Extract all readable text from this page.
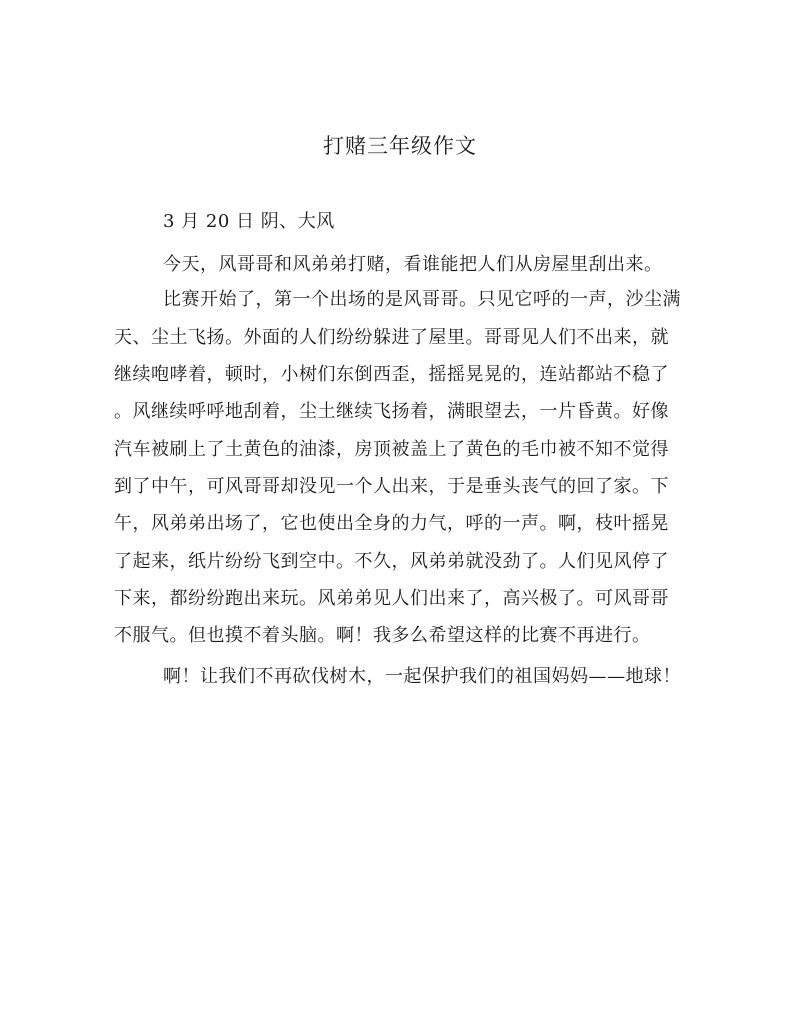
打赌三年级作文
3 月 20 日 阴、大风
今天，风哥哥和风弟弟打赌，看谁能把人们从房屋里刮出来。
比赛开始了，第一个出场的是风哥哥。只见它呼的一声，沙尘满
天、尘土飞扬。外面的人们纷纷躲进了屋里。哥哥见人们不出来，就
继续咆哮着，顿时，小树们东倒西歪，摇摇晃晃的，连站都站不稳了
。风继续呼呼地刮着，尘土继续飞扬着，满眼望去，一片昏黄。好像
汽车被刷上了土黄色的油漆，房顶被盖上了黄色的毛巾被不知不觉得
到了中午，可风哥哥却没见一个人出来，于是垂头丧气的回了家。下
午，风弟弟出场了，它也使出全身的力气，呼的一声。啊，枝叶摇晃
了起来，纸片纷纷飞到空中。不久，风弟弟就没劲了。人们见风停了
下来，都纷纷跑出来玩。风弟弟见人们出来了，高兴极了。可风哥哥
不服气。但也摸不着头脑。啊！我多么希望这样的比赛不再进行。
啊！让我们不再砍伐树木，一起保护我们的祖国妈妈——地球！
